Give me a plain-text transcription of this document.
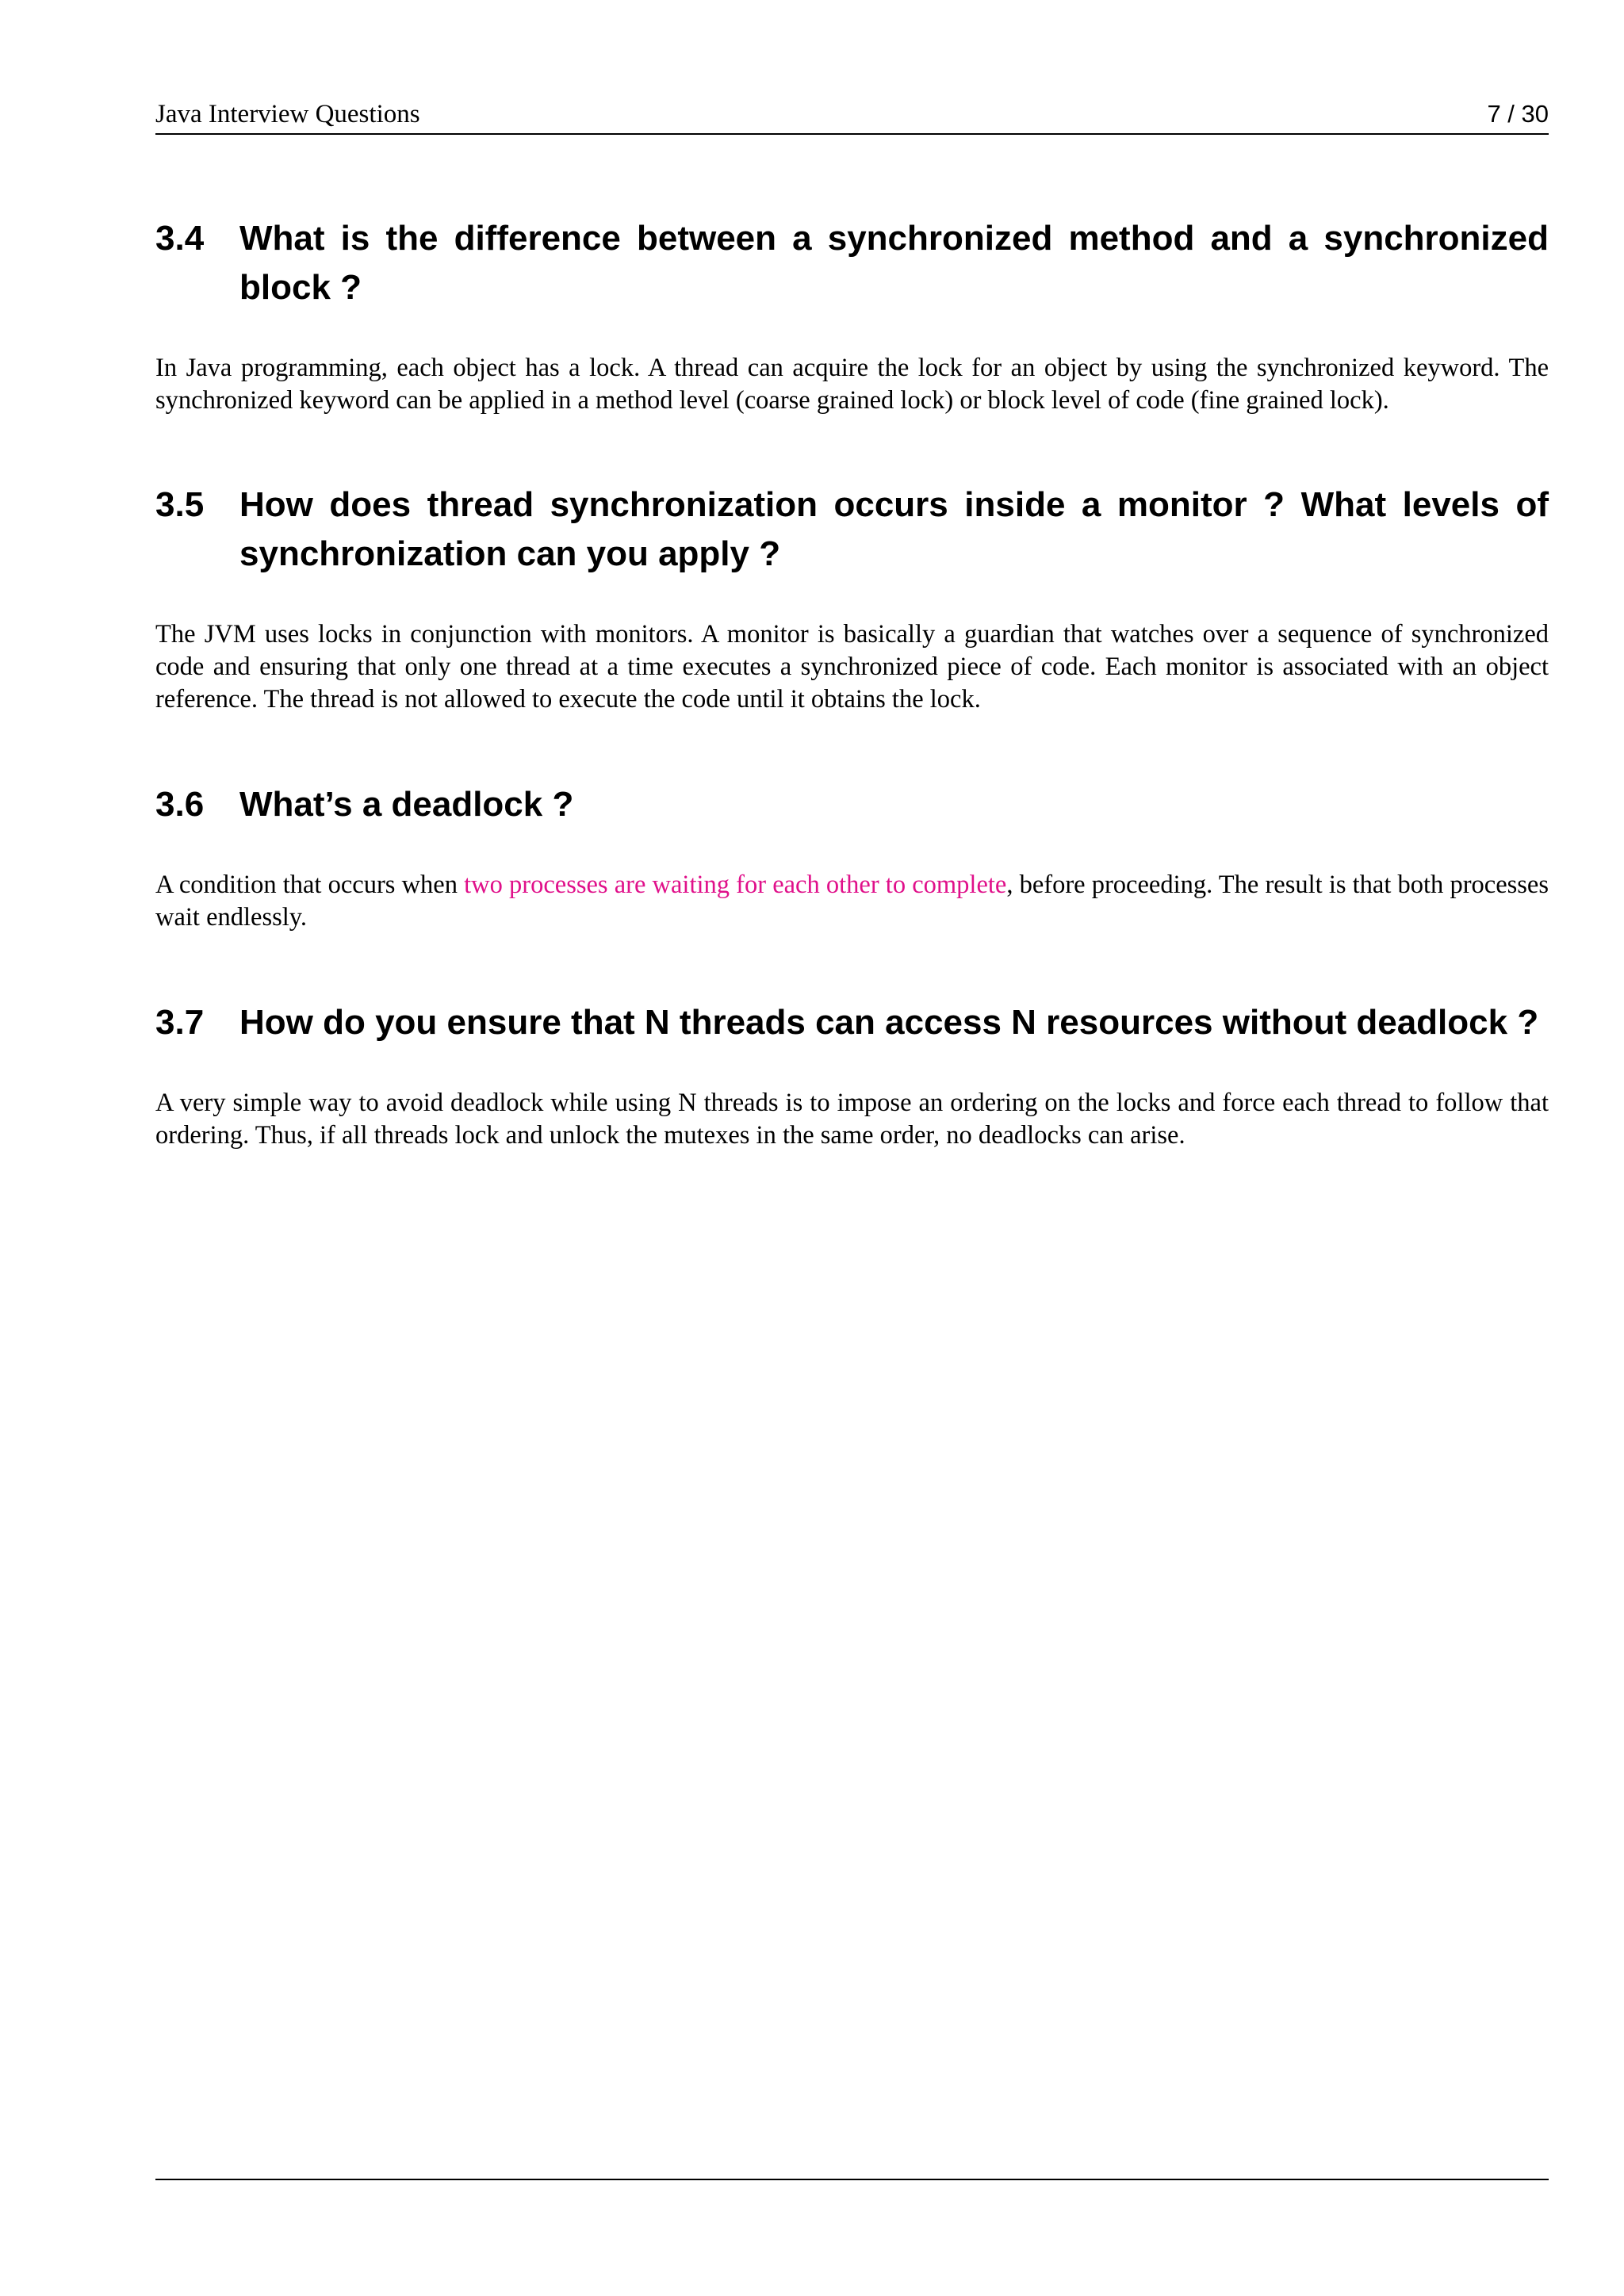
Java Interview Questions	7 / 30
3.4	What is the difference between a synchronized method and a synchronized block ?

In Java programming, each object has a lock. A thread can acquire the lock for an object by using the synchronized keyword. The synchronized keyword can be applied in a method level (coarse grained lock) or block level of code (fine grained lock).

3.5	How does thread synchronization occurs inside a monitor ? What levels of synchronization can you apply ?

The JVM uses locks in conjunction with monitors. A monitor is basically a guardian that watches over a sequence of synchronized code and ensuring that only one thread at a time executes a synchronized piece of code. Each monitor is associated with an object reference. The thread is not allowed to execute the code until it obtains the lock.

3.6	What’s a deadlock ?

A condition that occurs when two processes are waiting for each other to complete, before proceeding. The result is that both processes wait endlessly.

3.7	How do you ensure that N threads can access N resources without deadlock ?

A very simple way to avoid deadlock while using N threads is to impose an ordering on the locks and force each thread to follow that ordering. Thus, if all threads lock and unlock the mutexes in the same order, no deadlocks can arise.
